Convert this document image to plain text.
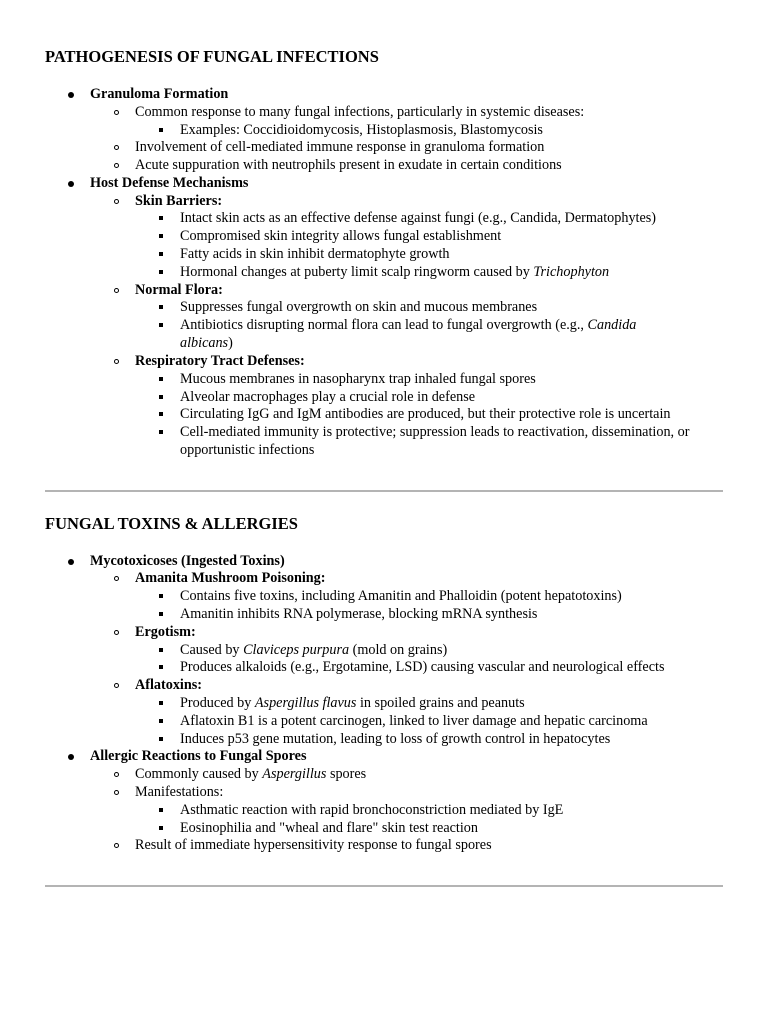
PATHOGENESIS OF FUNGAL INFECTIONS
Granuloma Formation
Common response to many fungal infections, particularly in systemic diseases:
Examples: Coccidioidomycosis, Histoplasmosis, Blastomycosis
Involvement of cell-mediated immune response in granuloma formation
Acute suppuration with neutrophils present in exudate in certain conditions
Host Defense Mechanisms
Skin Barriers:
Intact skin acts as an effective defense against fungi (e.g., Candida, Dermatophytes)
Compromised skin integrity allows fungal establishment
Fatty acids in skin inhibit dermatophyte growth
Hormonal changes at puberty limit scalp ringworm caused by Trichophyton
Normal Flora:
Suppresses fungal overgrowth on skin and mucous membranes
Antibiotics disrupting normal flora can lead to fungal overgrowth (e.g., Candida
albicans)
Respiratory Tract Defenses:
Mucous membranes in nasopharynx trap inhaled fungal spores
Alveolar macrophages play a crucial role in defense
Circulating IgG and IgM antibodies are produced, but their protective role is uncertain
Cell-mediated immunity is protective; suppression leads to reactivation, dissemination, or
opportunistic infections
FUNGAL TOXINS & ALLERGIES
Mycotoxicoses (Ingested Toxins)
Amanita Mushroom Poisoning:
Contains five toxins, including Amanitin and Phalloidin (potent hepatotoxins)
Amanitin inhibits RNA polymerase, blocking mRNA synthesis
Ergotism:
Caused by Claviceps purpura (mold on grains)
Produces alkaloids (e.g., Ergotamine, LSD) causing vascular and neurological effects
Aflatoxins:
Produced by Aspergillus flavus in spoiled grains and peanuts
Aflatoxin B1 is a potent carcinogen, linked to liver damage and hepatic carcinoma
Induces p53 gene mutation, leading to loss of growth control in hepatocytes
Allergic Reactions to Fungal Spores
Commonly caused by Aspergillus spores
Manifestations:
Asthmatic reaction with rapid bronchoconstriction mediated by IgE
Eosinophilia and "wheal and flare" skin test reaction
Result of immediate hypersensitivity response to fungal spores
